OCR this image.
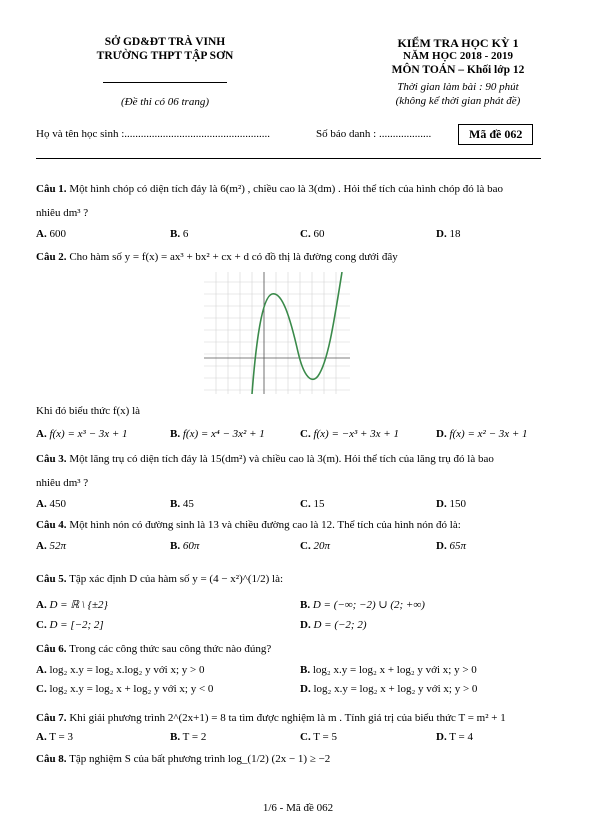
SỞ GD&ĐT TRÀ VINH
TRƯỜNG THPT TẬP SƠN
(Đề thi có 06 trang)
KIỂM TRA HỌC KỲ 1
NĂM HỌC 2018 - 2019
MÔN TOÁN – Khối lớp 12
Thời gian làm bài : 90 phút
(không kể thời gian phát đề)
Họ và tên học sinh :.....................................................	Số báo danh : ...................	Mã đề 062
Câu 1. Một hình chóp có diện tích đáy là 6(m²) , chiều cao là 3(dm) . Hỏi thể tích của hình chóp đó là bao
nhiêu dm³ ?
A. 600	B. 6	C. 60	D. 18
Câu 2. Cho hàm số y = f(x) = ax³ + bx² + cx + d có đồ thị là đường cong dưới đây
Khi đó biểu thức f(x) là
A. f(x) = x³ − 3x + 1	B. f(x) = x⁴ − 3x² + 1	C. f(x) = −x³ + 3x + 1	D. f(x) = x² − 3x + 1
Câu 3. Một lăng trụ có diện tích đáy là 15(dm²) và chiều cao là 3(m). Hỏi thể tích của lăng trụ đó là bao
nhiêu dm³ ?
A. 450	B. 45	C. 15	D. 150
Câu 4. Một hình nón có đường sinh là 13 và chiều đường cao là 12. Thể tích của hình nón đó là:
A. 52π	B. 60π	C. 20π	D. 65π
Câu 5. Tập xác định D của hàm số y = (4 − x²)^(1/2) là:
A. D = ℝ \ {±2}	B. D = (−∞; −2) ∪ (2; +∞)
C. D = [−2; 2]	D. D = (−2; 2)
Câu 6. Trong các công thức sau công thức nào đúng?
A. log₂ x.y = log₂ x.log₂ y với x; y > 0	B. log₂ x.y = log₂ x + log₂ y với x; y > 0
C. log₂ x.y = log₂ x + log₂ y với x; y < 0	D. log₂ x.y = log₂ x + log₂ y với x; y > 0
Câu 7. Khi giải phương trình 2^(2x+1) = 8 ta tìm được nghiệm là m . Tính giá trị của biểu thức T = m² + 1
A. T = 3	B. T = 2	C. T = 5	D. T = 4
Câu 8. Tập nghiệm S của bất phương trình log_(1/2) (2x − 1) ≥ −2
1/6 - Mã đề 062
